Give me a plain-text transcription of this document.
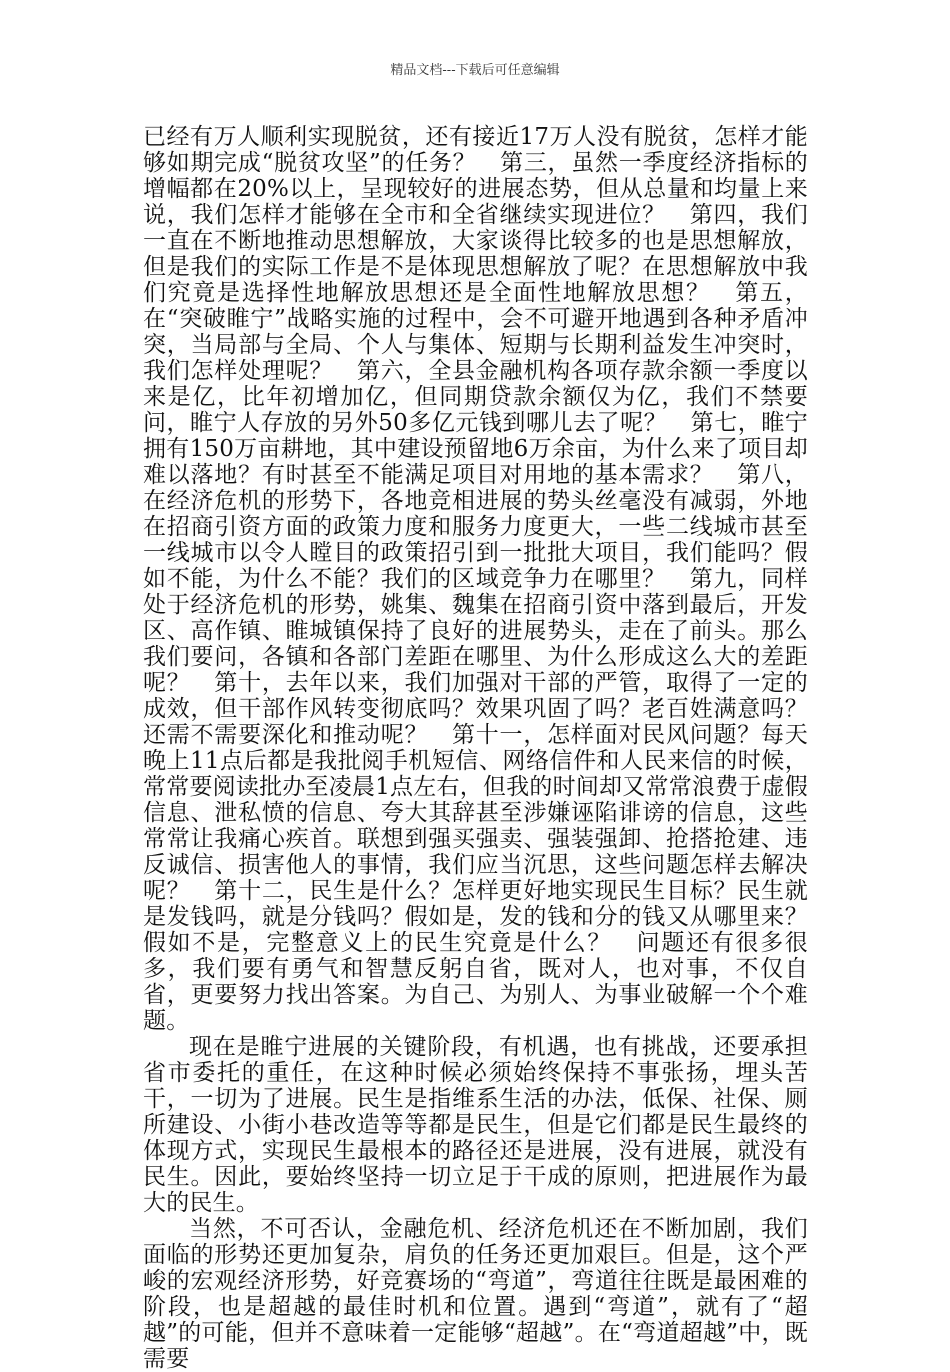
精品文档---下载后可任意编辑

已经有万人顺利实现脱贫，还有接近17万人没有脱贫，怎样才能够如期完成“脱贫攻坚”的任务？　第三，虽然一季度经济指标的增幅都在20%以上，呈现较好的进展态势，但从总量和均量上来说，我们怎样才能够在全市和全省继续实现进位？　第四，我们一直在不断地推动思想解放，大家谈得比较多的也是思想解放，但是我们的实际工作是不是体现思想解放了呢？在思想解放中我们究竟是选择性地解放思想还是全面性地解放思想？　第五，在“突破睢宁”战略实施的过程中，会不可避开地遇到各种矛盾冲突，当局部与全局、个人与集体、短期与长期利益发生冲突时，我们怎样处理呢？　第六，全县金融机构各项存款余额一季度以来是亿，比年初增加亿，但同期贷款余额仅为亿，我们不禁要问，睢宁人存放的另外50多亿元钱到哪儿去了呢？　第七，睢宁拥有150万亩耕地，其中建设预留地6万余亩，为什么来了项目却难以落地？有时甚至不能满足项目对用地的基本需求？　第八，在经济危机的形势下，各地竞相进展的势头丝毫没有减弱，外地在招商引资方面的政策力度和服务力度更大，一些二线城市甚至一线城市以令人瞠目的政策招引到一批批大项目，我们能吗？假如不能，为什么不能？我们的区域竞争力在哪里？　第九，同样处于经济危机的形势，姚集、魏集在招商引资中落到最后，开发区、高作镇、睢城镇保持了良好的进展势头，走在了前头。那么我们要问，各镇和各部门差距在哪里、为什么形成这么大的差距呢？　第十，去年以来，我们加强对干部的严管，取得了一定的成效，但干部作风转变彻底吗？效果巩固了吗？老百姓满意吗？还需不需要深化和推动呢？　第十一，怎样面对民风问题？每天晚上11点后都是我批阅手机短信、网络信件和人民来信的时候，常常要阅读批办至凌晨1点左右，但我的时间却又常常浪费于虚假信息、泄私愤的信息、夸大其辞甚至涉嫌诬陷诽谤的信息，这些常常让我痛心疾首。联想到强买强卖、强装强卸、抢搭抢建、违反诚信、损害他人的事情，我们应当沉思，这些问题怎样去解决呢？　第十二，民生是什么？怎样更好地实现民生目标？民生就是发钱吗，就是分钱吗？假如是，发的钱和分的钱又从哪里来？假如不是，完整意义上的民生究竟是什么？　问题还有很多很多，我们要有勇气和智慧反躬自省，既对人，也对事，不仅自省，更要努力找出答案。为自己、为别人、为事业破解一个个难题。

现在是睢宁进展的关键阶段，有机遇，也有挑战，还要承担省市委托的重任，在这种时候必须始终保持不事张扬，埋头苦干，一切为了进展。民生是指维系生活的办法，低保、社保、厕所建设、小街小巷改造等等都是民生，但是它们都是民生最终的体现方式，实现民生最根本的路径还是进展，没有进展，就没有民生。因此，要始终坚持一切立足于干成的原则，把进展作为最大的民生。

当然，不可否认，金融危机、经济危机还在不断加剧，我们面临的形势还更加复杂，肩负的任务还更加艰巨。但是，这个严峻的宏观经济形势，好竞赛场的“弯道”，弯道往往既是最困难的阶段，也是超越的最佳时机和位置。遇到“弯道”，就有了“超越”的可能，但并不意味着一定能够“超越”。在“弯道超越”中，既需要
